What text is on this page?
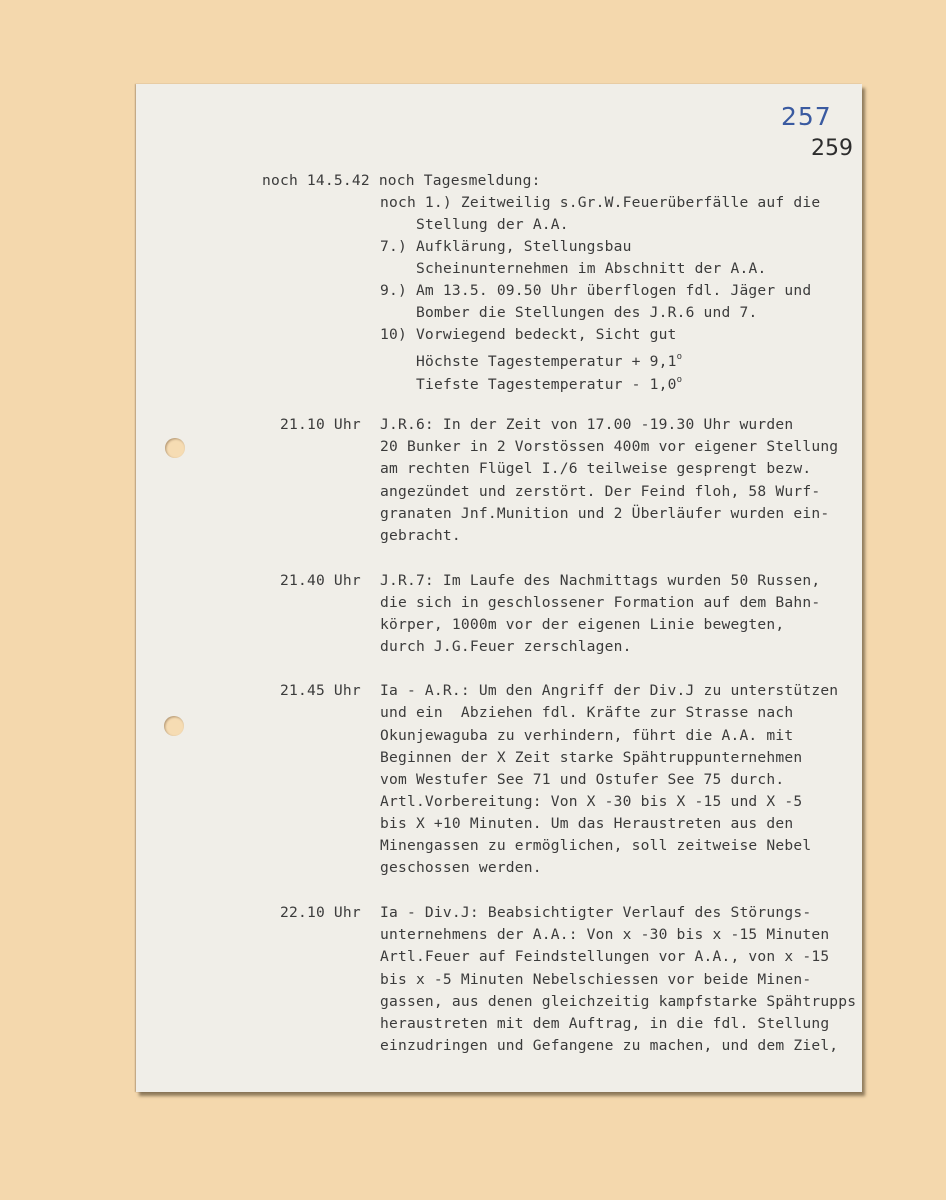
257
259
noch 14.5.42 noch Tagesmeldung:
noch 1.) Zeitweilig s.Gr.W.Feuerüberfälle auf die
Stellung der A.A.
7.) Aufklärung, Stellungsbau
Scheinunternehmen im Abschnitt der A.A.
9.) Am 13.5. 09.50 Uhr überflogen fdl. Jäger und
Bomber die Stellungen des J.R.6 und 7.
10) Vorwiegend bedeckt, Sicht gut
Höchste Tagestemperatur + $9,1^o$
Tiefste Tagestemperatur - 1,0$^o$
21.10 Uhr J.R.6: In der Zeit von 17.00 -19.30 Uhr wurden
20 Bunker in 2 Vorstössen 400m vor eigener Stellung
am rechten Flügel I./6 teilweise gesprengt bezw.
angezündet und zerstört. Der Feind floh, 58 Wurf-
granaten Jnf.Munition und 2 Überläufer wurden ein-
gebracht.
21.40 Uhr J.R.7: Im Laufe des Nachmittags wurden 50 Russen,
die sich in geschlossener Formation auf dem Bahn-
körper, 1000m vor der eigenen Linie bewegten,
durch J.G.Feuer zerschlagen.
21.45 Uhr Ia - A.R.: Um den Angriff der Div.J zu unterstützen
und ein  Abziehen fdl. Kräfte zur Strasse nach
Okunjewaguba zu verhindern, führt die A.A. mit
Beginnen der X Zeit starke Spähtruppunternehmen
vom Westufer See 71 und Ostufer See 75 durch.
Artl.Vorbereitung: Von X -30 bis X -15 und X -5
bis X +10 Minuten. Um das Heraustreten aus den
Minengassen zu ermöglichen, soll zeitweise Nebel
geschossen werden.
22.10 Uhr Ia - Div.J: Beabsichtigter Verlauf des Störungs-
unternehmens der A.A.: Von x -30 bis x -15 Minuten
Artl.Feuer auf Feindstellungen vor A.A., von x -15
bis x -5 Minuten Nebelschiessen vor beide Minen-
gassen, aus denen gleichzeitig kampfstarke Spähtrupps
heraustreten mit dem Auftrag, in die fdl. Stellung
einzudringen und Gefangene zu machen, und dem Ziel,
